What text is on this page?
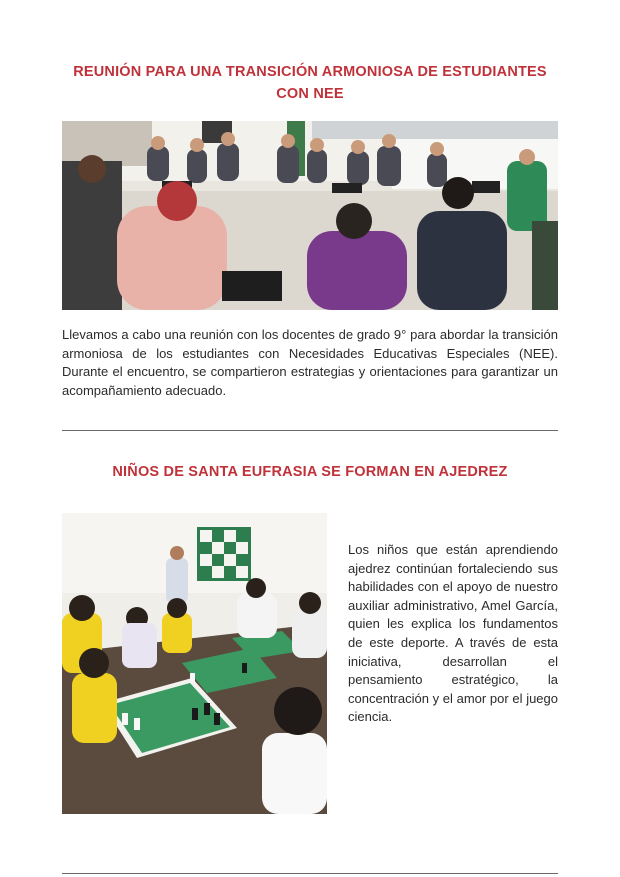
REUNIÓN PARA UNA TRANSICIÓN ARMONIOSA DE ESTUDIANTES CON NEE

Llevamos a cabo una reunión con los docentes de grado 9° para abordar la transición armoniosa de los estudiantes con Necesidades Educativas Especiales (NEE). Durante el encuentro, se compartieron estrategias y orientaciones para garantizar un acompañamiento adecuado.

NIÑOS DE SANTA EUFRASIA SE FORMAN EN AJEDREZ

Los niños que están aprendiendo ajedrez continúan fortaleciendo sus habilidades con el apoyo de nuestro auxiliar administrativo, Amel García, quien les explica los fundamentos de este deporte. A través de esta iniciativa, desarrollan el pensamiento estratégico, la concentración y el amor por el juego ciencia.
